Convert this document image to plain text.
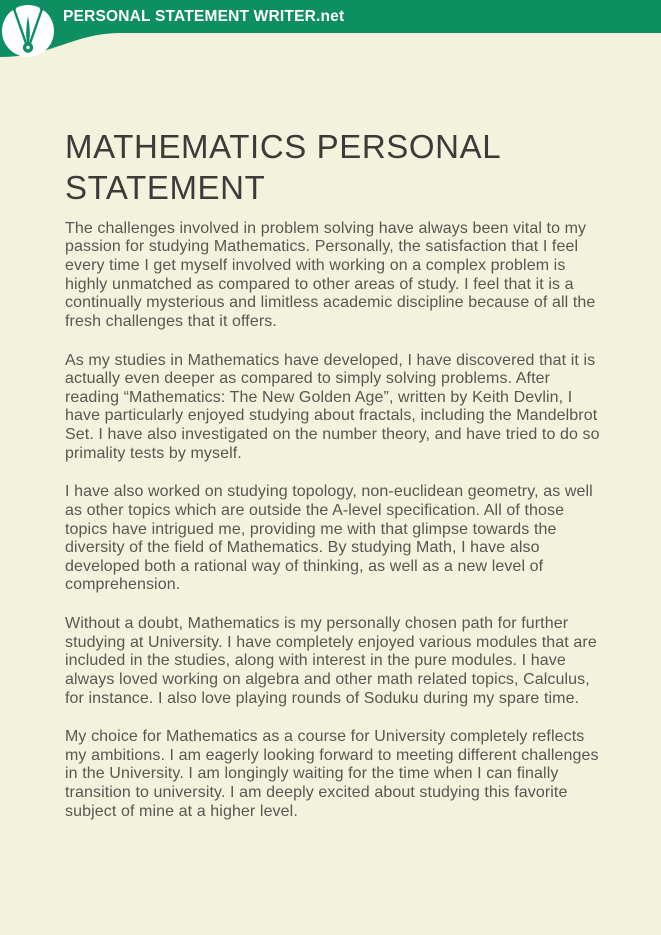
PERSONAL STATEMENT WRITER.net
MATHEMATICS PERSONAL STATEMENT

The challenges involved in problem solving have always been vital to my passion for studying Mathematics. Personally, the satisfaction that I feel every time I get myself involved with working on a complex problem is highly unmatched as compared to other areas of study. I feel that it is a continually mysterious and limitless academic discipline because of all the fresh challenges that it offers.

As my studies in Mathematics have developed, I have discovered that it is actually even deeper as compared to simply solving problems. After reading “Mathematics: The New Golden Age”, written by Keith Devlin, I have particularly enjoyed studying about fractals, including the Mandelbrot Set. I have also investigated on the number theory, and have tried to do so primality tests by myself.

I have also worked on studying topology, non-euclidean geometry, as well as other topics which are outside the A-level specification. All of those topics have intrigued me, providing me with that glimpse towards the diversity of the field of Mathematics. By studying Math, I have also developed both a rational way of thinking, as well as a new level of comprehension.

Without a doubt, Mathematics is my personally chosen path for further studying at University. I have completely enjoyed various modules that are included in the studies, along with interest in the pure modules. I have always loved working on algebra and other math related topics, Calculus, for instance. I also love playing rounds of Soduku during my spare time.

My choice for Mathematics as a course for University completely reflects my ambitions. I am eagerly looking forward to meeting different challenges in the University. I am longingly waiting for the time when I can finally transition to university. I am deeply excited about studying this favorite subject of mine at a higher level.
